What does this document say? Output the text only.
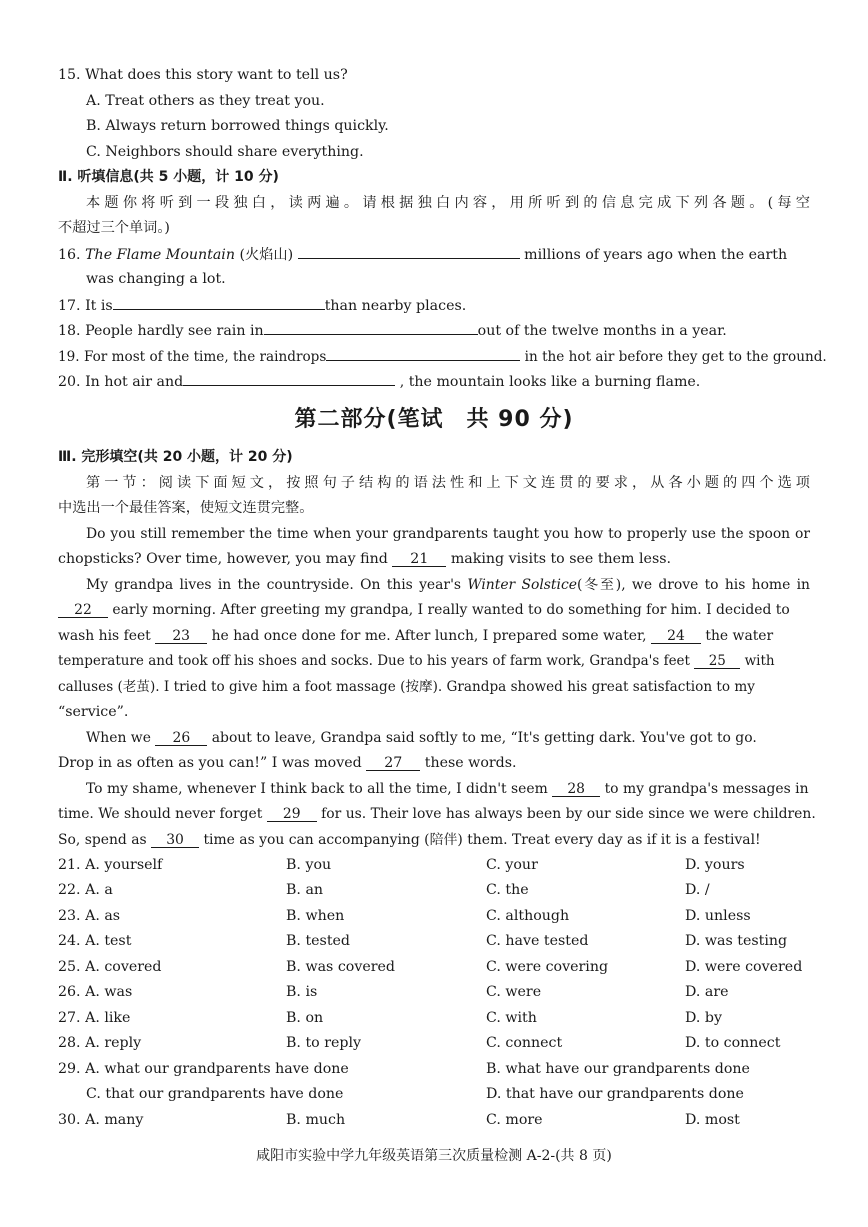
15. What does this story want to tell us?
A. Treat others as they treat you.
B. Always return borrowed things quickly.
C. Neighbors should share everything.
Ⅱ. 听填信息(共 5 小题，计 10 分)
本题你将听到一段独白，读两遍。请根据独白内容，用所听到的信息完成下列各题。(每空
不超过三个单词。)
16. The Flame Mountain (火焰山)	millions of years ago when the earth
was changing a lot.
17. It is	than nearby places.
18. People hardly see rain in	out of the twelve months in a year.
19. For most of the time, the raindrops	in the hot air before they get to the ground.
20. In hot air and	, the mountain looks like a burning flame.
第二部分(笔试　共 90 分)
Ⅲ. 完形填空(共 20 小题，计 20 分)
第一节：阅读下面短文，按照句子结构的语法性和上下文连贯的要求，从各小题的四个选项
中选出一个最佳答案，使短文连贯完整。
Do you still remember the time when your grandparents taught you how to properly use the spoon or
chopsticks? Over time, however, you may find 21 making visits to see them less.
My grandpa lives in the countryside. On this year's Winter Solstice(冬至), we drove to his home in
22 early morning. After greeting my grandpa, I really wanted to do something for him. I decided to
wash his feet 23 he had once done for me. After lunch, I prepared some water, 24 the water
temperature and took off his shoes and socks. Due to his years of farm work, Grandpa's feet 25 with
calluses (老茧). I tried to give him a foot massage (按摩). Grandpa showed his great satisfaction to my
“service”.
When we 26 about to leave, Grandpa said softly to me, “It's getting dark. You've got to go.
Drop in as often as you can!” I was moved 27 these words.
To my shame, whenever I think back to all the time, I didn't seem 28 to my grandpa's messages in
time. We should never forget 29 for us. Their love has always been by our side since we were children.
So, spend as 30 time as you can accompanying (陪伴) them. Treat every day as if it is a festival!
21. A. yourself	B. you	C. your	D. yours
22. A. a	B. an	C. the	D. /
23. A. as	B. when	C. although	D. unless
24. A. test	B. tested	C. have tested	D. was testing
25. A. covered	B. was covered	C. were covering	D. were covered
26. A. was	B. is	C. were	D. are
27. A. like	B. on	C. with	D. by
28. A. reply	B. to reply	C. connect	D. to connect
29. A. what our grandparents have done	B. what have our grandparents done
C. that our grandparents have done	D. that have our grandparents done
30. A. many	B. much	C. more	D. most
咸阳市实验中学九年级英语第三次质量检测 A-2-(共 8 页)
